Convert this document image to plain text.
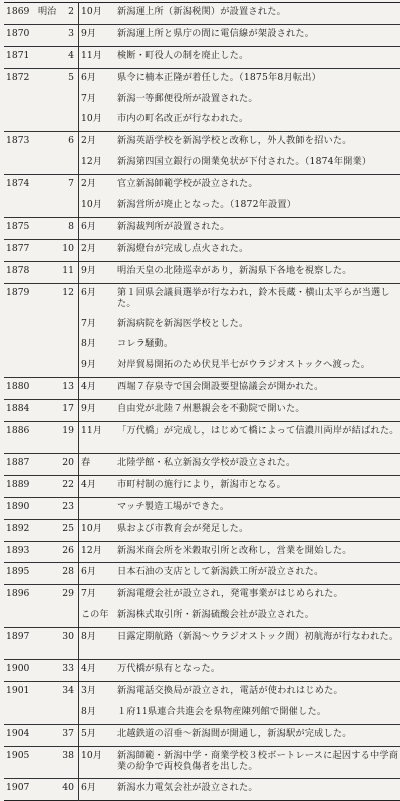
1869	明治	2	10月	新潟運上所（新潟税関）が設置された。
1870		3	9月	新潟運上所と県庁の間に電信線が架設された。
1871		4	11月	検断・町役人の制を廃止した。
1872		5	6月	県令に楠本正隆が着任した。（1875年8月転出）
			7月	新潟一等郵便役所が設置された。
			10月	市内の町名改正が行なわれた。
1873		6	2月	新潟英語学校を新潟学校と改称し，外人教師を招いた。
			12月	新潟第四国立銀行の開業免状が下付された。（1874年開業）
1874		7	2月	官立新潟師範学校が設立された。
			10月	新潟営所が廃止となった。（1872年設置）
1875		8	6月	新潟裁判所が設置された。
1877		10	2月	新潟燈台が完成し点火された。
1878		11	9月	明治天皇の北陸巡幸があり，新潟県下各地を視察した。
1879		12	6月	第１回県会議員選挙が行なわれ，鈴木長蔵・横山太平らが当選した。
			7月	新潟病院を新潟医学校とした。
			8月	コレラ騒動。
			9月	対岸貿易開拓のため伏見半七がウラジオストックへ渡った。
1880		13	4月	西堀７存泉寺で国会開設要望協議会が開かれた。
1884		17	9月	自由党が北陸７州懇親会を不動院で開いた。
1886		19	11月	「万代橋」が完成し，はじめて橋によって信濃川両岸が結ばれた。
1887		20	春	北陸学館・私立新潟女学校が設立された。
1889		22	4月	市町村制の施行により，新潟市となる。
1890		23		マッチ製造工場ができた。
1892		25	10月	県および市教育会が発足した。
1893		26	12月	新潟米商会所を米穀取引所と改称し，営業を開始した。
1895		28	6月	日本石油の支店として新潟鉄工所が設立された。
1896		29	7月	新潟電燈会社が設立され，発電事業がはじめられた。
			この年	新潟株式取引所・新潟硫酸会社が設立された。
1897		30	8月	日露定期航路（新潟〜ウラジオストック間）初航海が行なわれた。
1900		33	4月	万代橋が県有となった。
1901		34	3月	新潟電話交換局が設立され，電話が使われはじめた。
			8月	１府11県連合共進会を県物産陳列館で開催した。
1904		37	5月	北越鉄道の沼垂〜新潟間が開通し，新潟駅が完成した。
1905		38	10月	新潟師範・新潟中学・商業学校３校ボートレースに起因する中学商業の紛争で両校負傷者を出した。
1907		40	6月	新潟水力電気会社が設立された。
